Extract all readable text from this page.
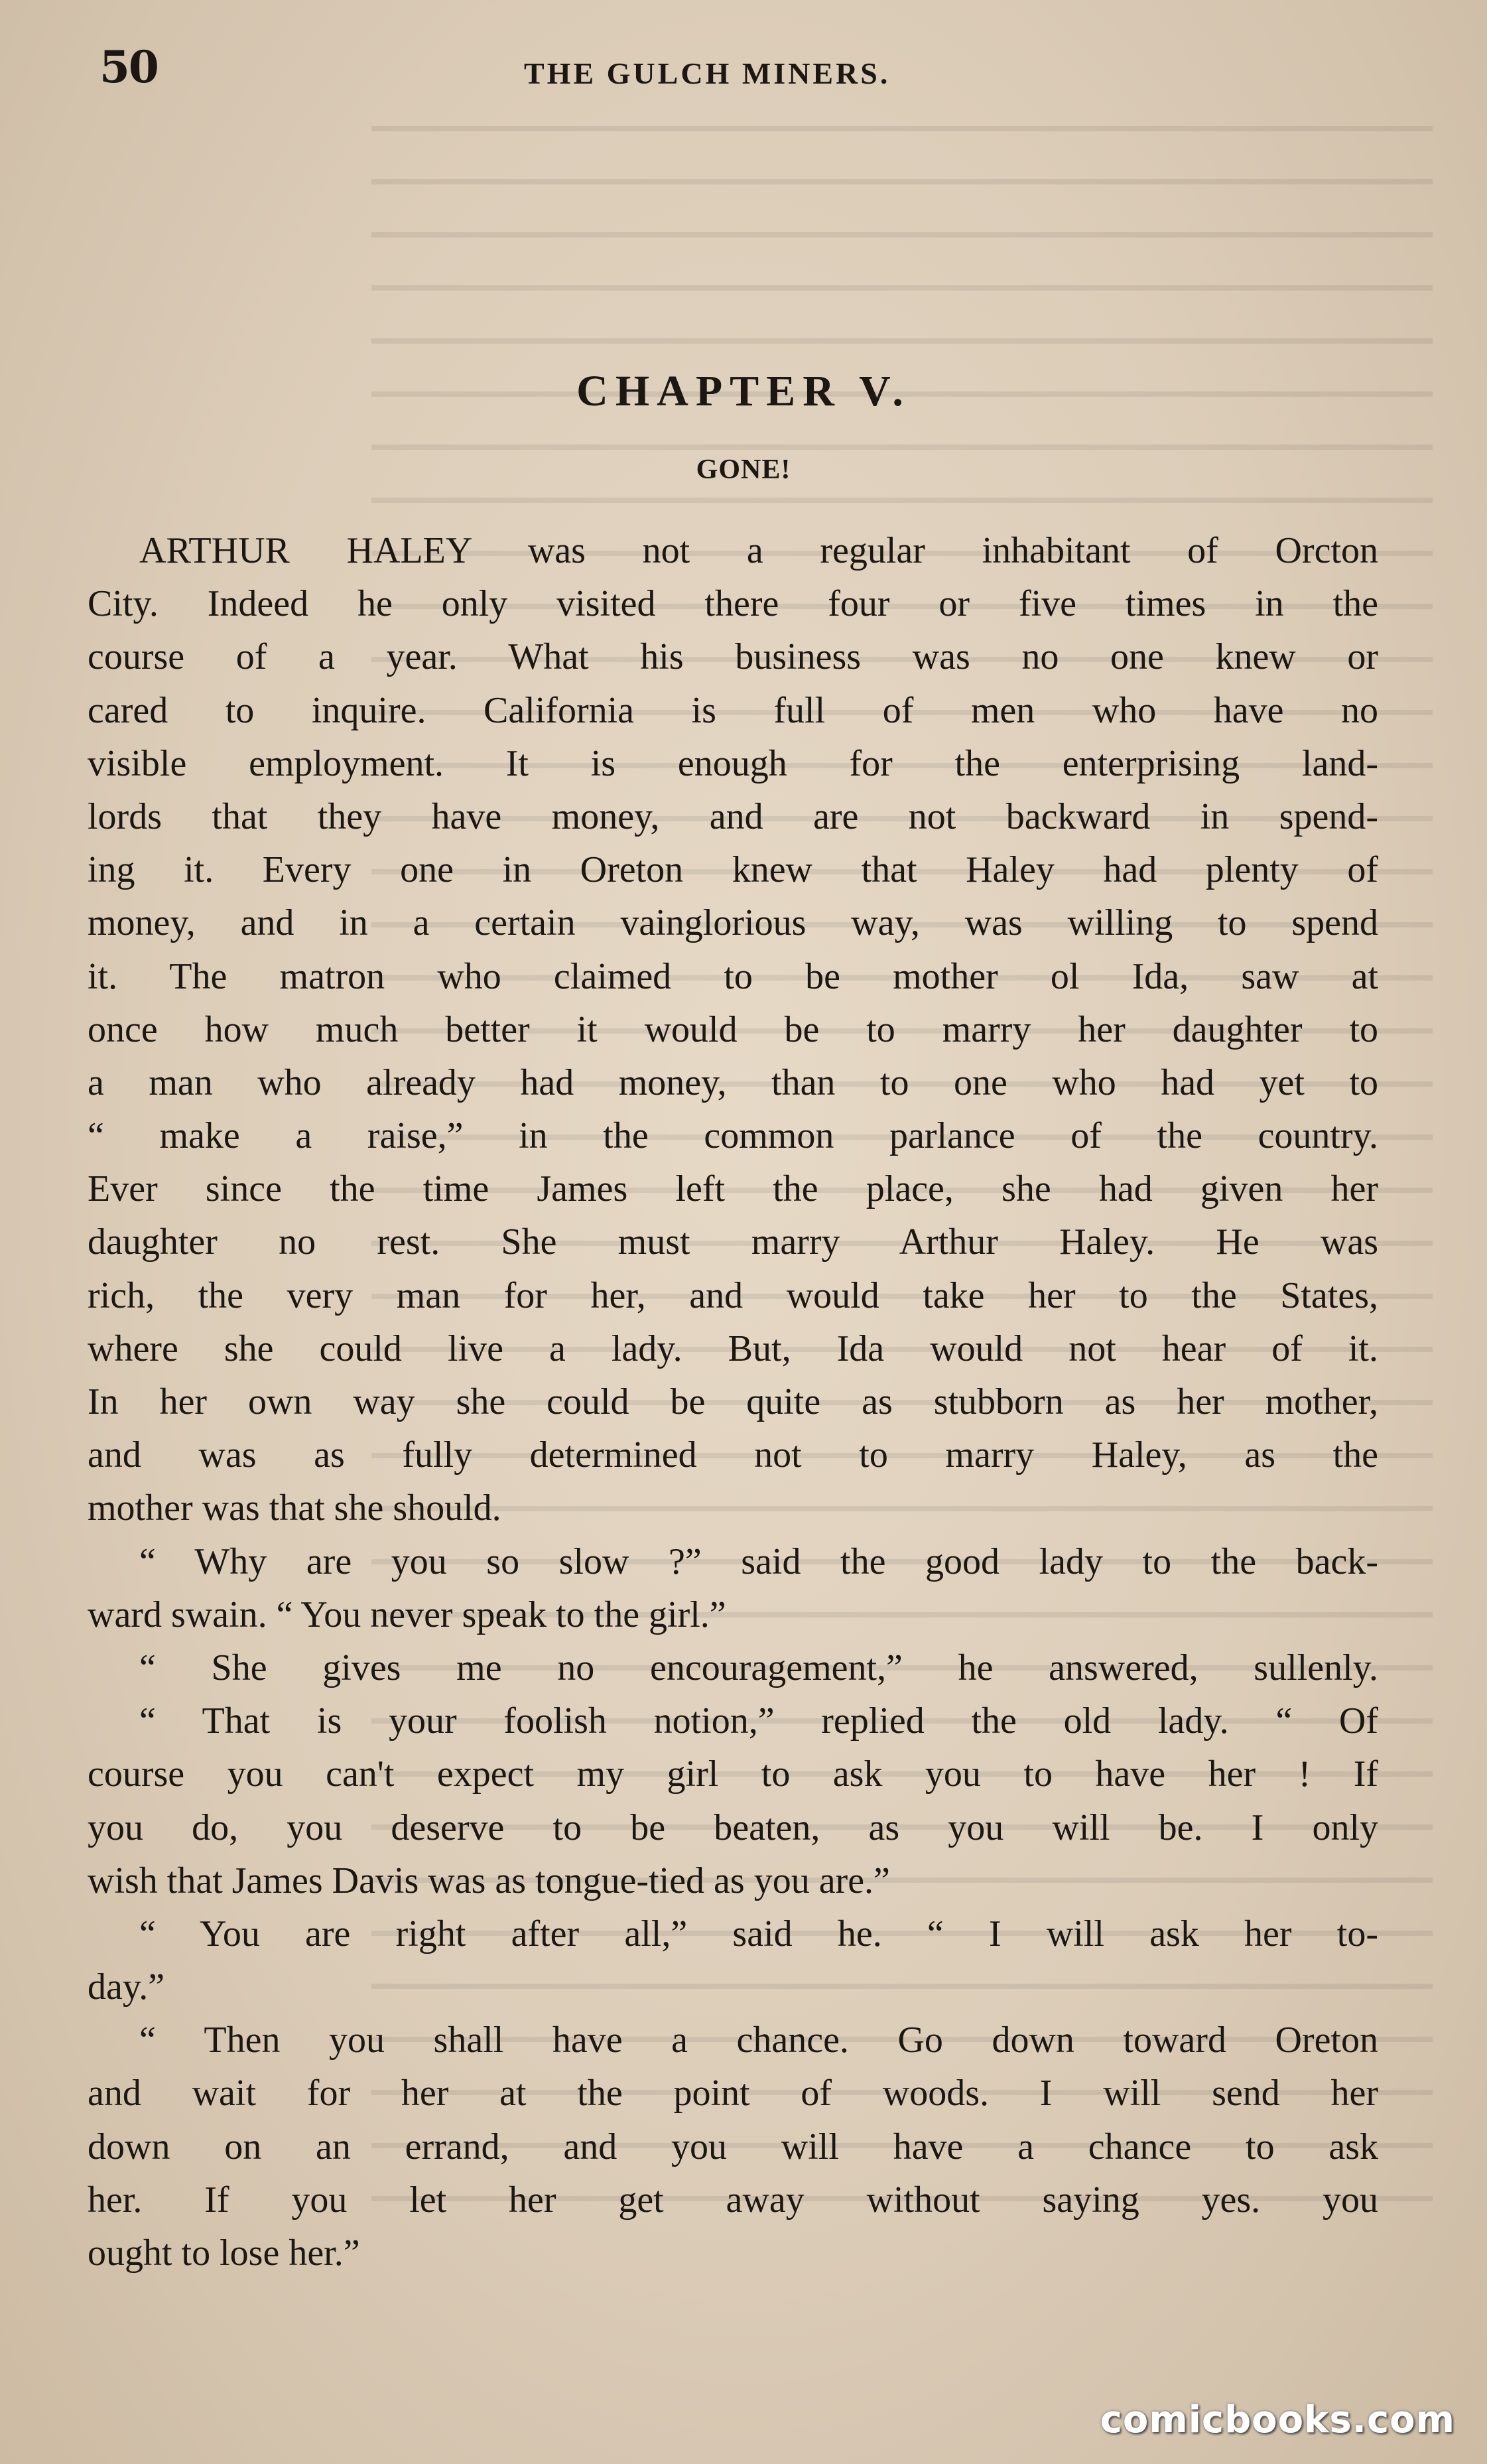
50	THE GULCH MINERS.
CHAPTER V.
GONE!
ARTHUR HALEY was not a regular inhabitant of Orcton
City. Indeed he only visited there four or five times in the
course of a year. What his business was no one knew or
cared to inquire. California is full of men who have no
visible employment. It is enough for the enterprising land-
lords that they have money, and are not backward in spend-
ing it. Every one in Oreton knew that Haley had plenty of
money, and in a certain vainglorious way, was willing to spend
it. The matron who claimed to be mother ol Ida, saw at
once how much better it would be to marry her daughter to
a man who already had money, than to one who had yet to
“ make a raise,” in the common parlance of the country.
Ever since the time James left the place, she had given her
daughter no rest. She must marry Arthur Haley. He was
rich, the very man for her, and would take her to the States,
where she could live a lady. But, Ida would not hear of it.
In her own way she could be quite as stubborn as her mother,
and was as fully determined not to marry Haley, as the
mother was that she should.
“ Why are you so slow ?” said the good lady to the back-
ward swain. “ You never speak to the girl.”
“ She gives me no encouragement,” he answered, sullenly.
“ That is your foolish notion,” replied the old lady. “ Of
course you can't expect my girl to ask you to have her ! If
you do, you deserve to be beaten, as you will be. I only
wish that James Davis was as tongue-tied as you are.”
“ You are right after all,” said he. “ I will ask her to-
day.”
“ Then you shall have a chance. Go down toward Oreton
and wait for her at the point of woods. I will send her
down on an errand, and you will have a chance to ask
her. If you let her get away without saying yes. you
ought to lose her.”
comicbooks.com
